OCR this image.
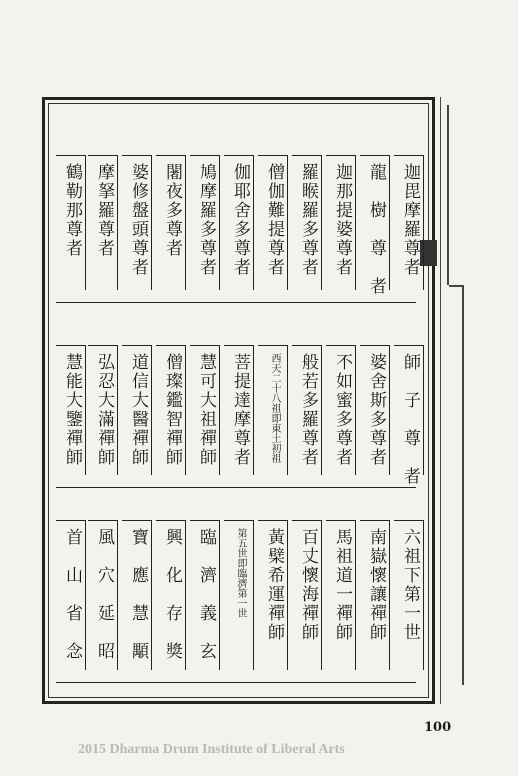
100
2015 Dharma Drum Institute of Liberal Arts
迦毘摩羅尊者
龍　樹　尊　者
迦那提婆尊者
羅睺羅多尊者
僧伽難提尊者
伽耶舍多尊者
鳩摩羅多尊者
闍夜多尊者
婆修盤頭尊者
摩拏羅尊者
鶴勒那尊者
師　子　尊　者
婆舍斯多尊者
不如蜜多尊者
般若多羅尊者
西天二十八祖即東土初祖
菩提達摩尊者
慧可大祖禪師
僧璨鑑智禪師
道信大醫禪師
弘忍大滿禪師
慧能大鑒禪師
六祖下第一世
南嶽懷讓禪師
馬祖道一禪師
百丈懷海禪師
黃檗希運禪師
第五世即臨濟第一世
臨　濟　義　玄
興　化　存　獎
寶　應　慧　顒
風　穴　延　昭
首　山　省　念
